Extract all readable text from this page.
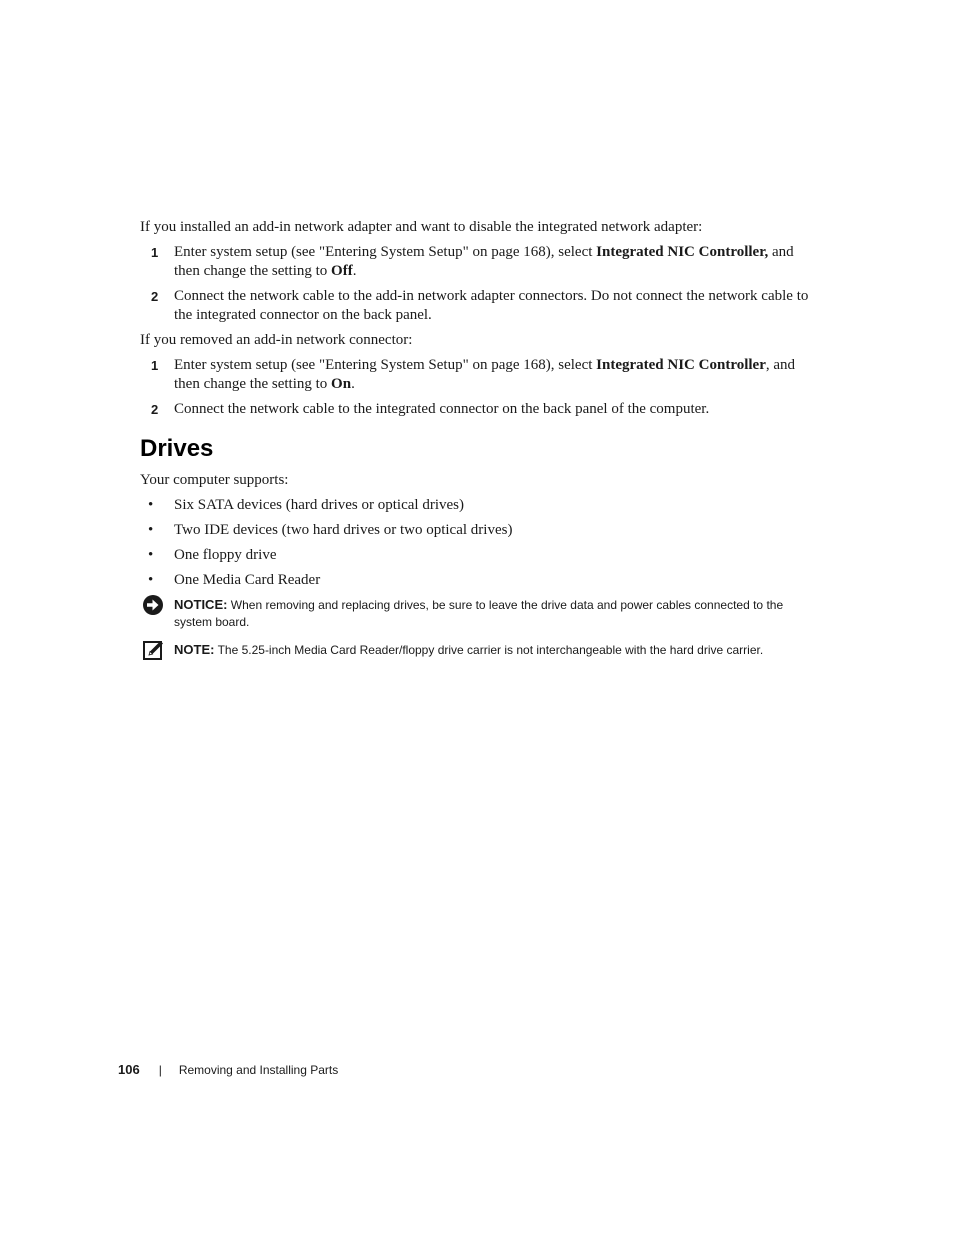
If you installed an add-in network adapter and want to disable the integrated network adapter:

1	Enter system setup (see "Entering System Setup" on page 168), select Integrated NIC Controller, and then change the setting to Off.
2	Connect the network cable to the add-in network adapter connectors. Do not connect the network cable to the integrated connector on the back panel.

If you removed an add-in network connector:

1	Enter system setup (see "Entering System Setup" on page 168), select Integrated NIC Controller, and then change the setting to On.
2	Connect the network cable to the integrated connector on the back panel of the computer.
Drives

Your computer supports:

•	Six SATA devices (hard drives or optical drives)
•	Two IDE devices (two hard drives or two optical drives)
•	One floppy drive
•	One Media Card Reader
NOTICE: When removing and replacing drives, be sure to leave the drive data and power cables connected to the system board.
NOTE: The 5.25-inch Media Card Reader/floppy drive carrier is not interchangeable with the hard drive carrier.
106 | Removing and Installing Parts
